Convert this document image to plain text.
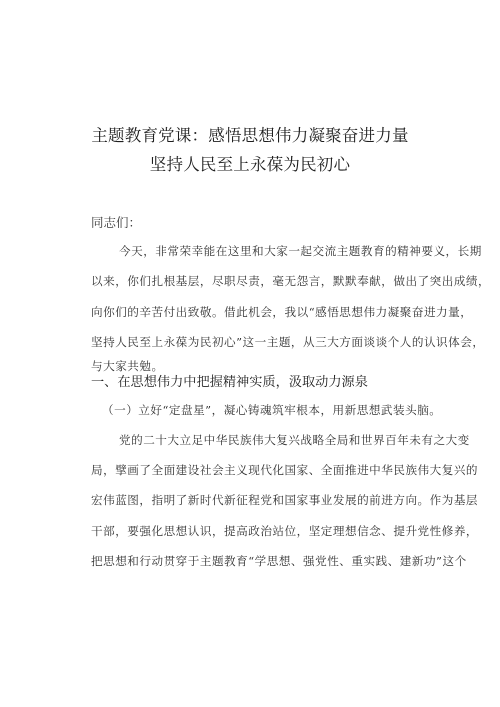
主题教育党课：感悟思想伟力凝聚奋进力量
坚持人民至上永葆为民初心
同志们：
今天，非常荣幸能在这里和大家一起交流主题教育的精神要义，长期
以来，你们扎根基层，尽职尽责，毫无怨言，默默奉献，做出了突出成绩，
向你们的辛苦付出致敬。借此机会，我以“感悟思想伟力凝聚奋进力量，
坚持人民至上永葆为民初心”这一主题，从三大方面谈谈个人的认识体会，
与大家共勉。
一、在思想伟力中把握精神实质，汲取动力源泉
（一）立好“定盘星”，凝心铸魂筑牢根本，用新思想武装头脑。
党的二十大立足中华民族伟大复兴战略全局和世界百年未有之大变
局，擘画了全面建设社会主义现代化国家、全面推进中华民族伟大复兴的
宏伟蓝图，指明了新时代新征程党和国家事业发展的前进方向。作为基层
干部，要强化思想认识，提高政治站位，坚定理想信念、提升党性修养，
把思想和行动贯穿于主题教育“学思想、强党性、重实践、建新功”这个
